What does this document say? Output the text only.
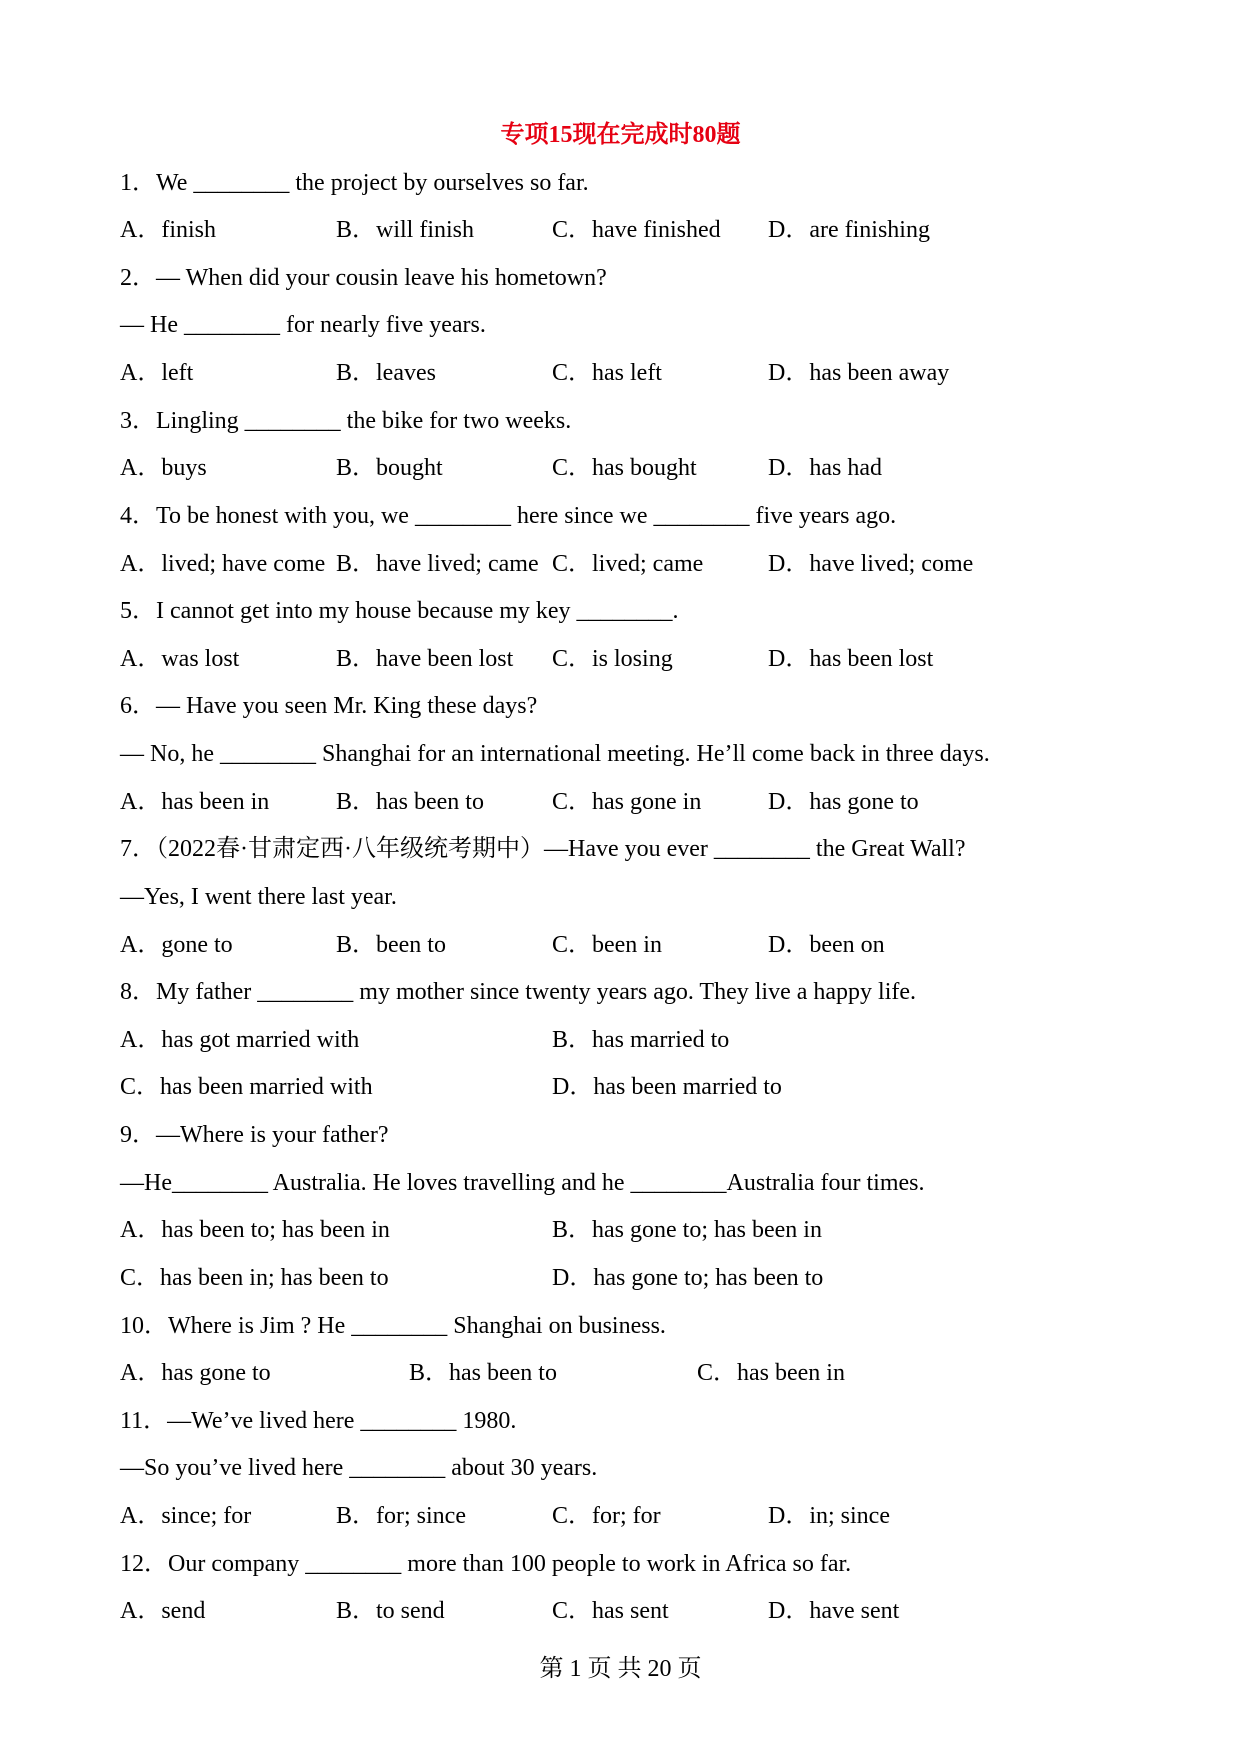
专项15现在完成时80题
1．We ________ the project by ourselves so far.
A．finish	B．will finish	C．have finished D．are finishing
2．— When did your cousin leave his hometown?
— He ________ for nearly five years.
A．left	B．leaves	C．has left	D．has been away
3．Lingling ________ the bike for two weeks.
A．buys	B．bought	C．has bought	D．has had
4．To be honest with you, we ________ here since we ________ five years ago.
A．lived; have come B．have lived; came C．lived; came	D．have lived; come
5．I cannot get into my house because my key ________.
A．was lost	B．have been lost C．is losing	D．has been lost
6．— Have you seen Mr. King these days?
— No, he ________ Shanghai for an international meeting. He’ll come back in three days.
A．has been in	B．has been to	C．has gone in	D．has gone to
7．（2022春·甘肃定西·八年级统考期中）—Have you ever ________ the Great Wall?
—Yes, I went there last year.
A．gone to	B．been to	C．been in	D．been on
8．My father ________ my mother since twenty years ago. They live a happy life.
A．has got married with	B．has married to
C．has been married with	D．has been married to
9．—Where is your father?
—He________ Australia. He loves travelling and he ________Australia four times.
A．has been to; has been in	B．has gone to; has been in
C．has been in; has been to	D．has gone to; has been to
10．Where is Jim ? He ________ Shanghai on business.
A．has gone to	B．has been to	C．has been in
11．—We’ve lived here ________ 1980.
—So you’ve lived here ________ about 30 years.
A．since; for	B．for; since	C．for; for	D．in; since
12．Our company ________ more than 100 people to work in Africa so far.
A．send	B．to send	C．has sent	D．have sent
第 1 页 共 20 页
